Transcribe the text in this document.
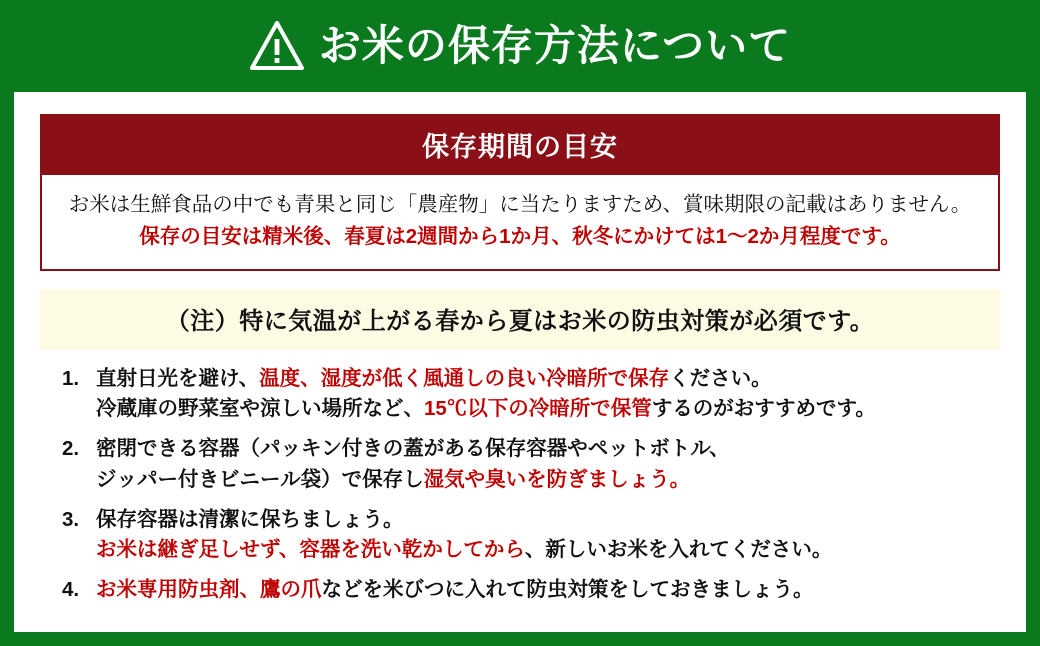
お米の保存方法について
保存期間の目安
お米は生鮮食品の中でも青果と同じ「農産物」に当たりますため、賞味期限の記載はありません。
保存の目安は精米後、春夏は2週間から1か月、秋冬にかけては1〜2か月程度です。
（注）特に気温が上がる春から夏はお米の防虫対策が必須です。
1. 直射日光を避け、温度、湿度が低く風通しの良い冷暗所で保存ください。
冷蔵庫の野菜室や涼しい場所など、15℃以下の冷暗所で保管するのがおすすめです。
2. 密閉できる容器（パッキン付きの蓋がある保存容器やペットボトル、
ジッパー付きビニール袋）で保存し湿気や臭いを防ぎましょう。
3. 保存容器は清潔に保ちましょう。
お米は継ぎ足しせず、容器を洗い乾かしてから、新しいお米を入れてください。
4. お米専用防虫剤、鷹の爪などを米びつに入れて防虫対策をしておきましょう。
